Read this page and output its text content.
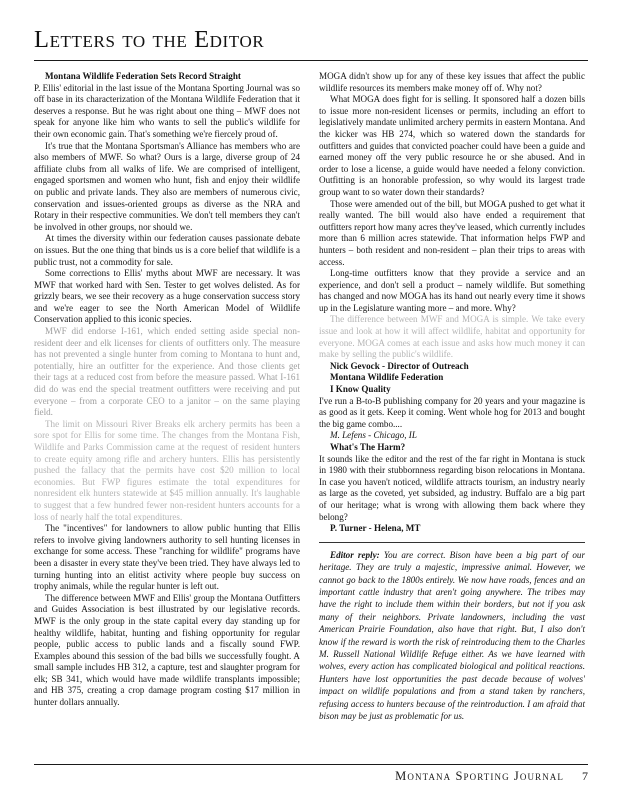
Letters to the Editor

Montana Wildlife Federation Sets Record Straight

P. Ellis' editorial in the last issue of the Montana Sporting Journal was so off base in its characterization of the Montana Wildlife Federation that it deserves a response. But he was right about one thing – MWF does not speak for anyone like him who wants to sell the public's wildlife for their own economic gain. That's something we're fiercely proud of.

It's true that the Montana Sportsman's Alliance has members who are also members of MWF. So what? Ours is a large, diverse group of 24 affiliate clubs from all walks of life. We are comprised of intelligent, engaged sportsmen and women who hunt, fish and enjoy their wildlife on public and private lands. They also are members of numerous civic, conservation and issues-oriented groups as diverse as the NRA and Rotary in their respective communities. We don't tell members they can't be involved in other groups, nor should we.

At times the diversity within our federation causes passionate debate on issues. But the one thing that binds us is a core belief that wildlife is a public trust, not a commodity for sale.

Some corrections to Ellis' myths about MWF are necessary. It was MWF that worked hard with Sen. Tester to get wolves delisted. As for grizzly bears, we see their recovery as a huge conservation success story and we're eager to see the North American Model of Wildlife Conservation applied to this iconic species.

MWF did endorse I-161, which ended setting aside special non-resident deer and elk licenses for clients of outfitters only. The measure has not prevented a single hunter from coming to Montana to hunt and, potentially, hire an outfitter for the experience. And those clients get their tags at a reduced cost from before the measure passed. What I-161 did do was end the special treatment outfitters were receiving and put everyone – from a corporate CEO to a janitor – on the same playing field.

The limit on Missouri River Breaks elk archery permits has been a sore spot for Ellis for some time. The changes from the Montana Fish, Wildlife and Parks Commission came at the request of resident hunters to create equity among rifle and archery hunters. Ellis has persistently pushed the fallacy that the permits have cost $20 million to local economies. But FWP figures estimate the total expenditures for nonresident elk hunters statewide at $45 million annually. It's laughable to suggest that a few hundred fewer non-resident hunters accounts for a loss of nearly half the total expenditures.

The "incentives" for landowners to allow public hunting that Ellis refers to involve giving landowners authority to sell hunting licenses in exchange for some access. These "ranching for wildlife" programs have been a disaster in every state they've been tried. They have always led to turning hunting into an elitist activity where people buy success on trophy animals, while the regular hunter is left out.

The difference between MWF and Ellis' group the Montana Outfitters and Guides Association is best illustrated by our legislative records. MWF is the only group in the state capital every day standing up for healthy wildlife, habitat, hunting and fishing opportunity for regular people, public access to public lands and a fiscally sound FWP. Examples abound this session of the bad bills we successfully fought. A small sample includes HB 312, a capture, test and slaughter program for elk; SB 341, which would have made wildlife transplants impossible; and HB 375, creating a crop damage program costing $17 million in hunter dollars annually.

MOGA didn't show up for any of these key issues that affect the public wildlife resources its members make money off of. Why not?

What MOGA does fight for is selling. It sponsored half a dozen bills to issue more non-resident licenses or permits, including an effort to legislatively mandate unlimited archery permits in eastern Montana. And the kicker was HB 274, which so watered down the standards for outfitters and guides that convicted poacher could have been a guide and earned money off the very public resource he or she abused. And in order to lose a license, a guide would have needed a felony conviction. Outfitting is an honorable profession, so why would its largest trade group want to so water down their standards?

Those were amended out of the bill, but MOGA pushed to get what it really wanted. The bill would also have ended a requirement that outfitters report how many acres they've leased, which currently includes more than 6 million acres statewide. That information helps FWP and hunters – both resident and non-resident – plan their trips to areas with access.

Long-time outfitters know that they provide a service and an experience, and don't sell a product – namely wildlife. But something has changed and now MOGA has its hand out nearly every time it shows up in the Legislature wanting more – and more. Why?

The difference between MWF and MOGA is simple. We take every issue and look at how it will affect wildlife, habitat and opportunity for everyone. MOGA comes at each issue and asks how much money it can make by selling the public's wildlife.

Nick Gevock - Director of Outreach

Montana Wildlife Federation

I Know Quality

I've run a B-to-B publishing company for 20 years and your magazine is as good as it gets. Keep it coming. Went whole hog for 2013 and bought the big game combo....

M. Lefens - Chicago, IL

What's The Harm?

It sounds like the editor and the rest of the far right in Montana is stuck in 1980 with their stubbornness regarding bison relocations in Montana. In case you haven't noticed, wildlife attracts tourism, an industry nearly as large as the coveted, yet subsided, ag industry. Buffalo are a big part of our heritage; what is wrong with allowing them back where they belong?

P. Turner - Helena, MT

Editor reply: You are correct. Bison have been a big part of our heritage. They are truly a majestic, impressive animal. However, we cannot go back to the 1800s entirely. We now have roads, fences and an important cattle industry that aren't going anywhere. The tribes may have the right to include them within their borders, but not if you ask many of their neighbors. Private landowners, including the vast American Prairie Foundation, also have that right. But, I also don't know if the reward is worth the risk of reintroducing them to the Charles M. Russell National Wildlife Refuge either. As we have learned with wolves, every action has complicated biological and political reactions. Hunters have lost opportunities the past decade because of wolves' impact on wildlife populations and from a stand taken by ranchers, refusing access to hunters because of the reintroduction. I am afraid that bison may be just as problematic for us.

Montana Sporting Journal 7
